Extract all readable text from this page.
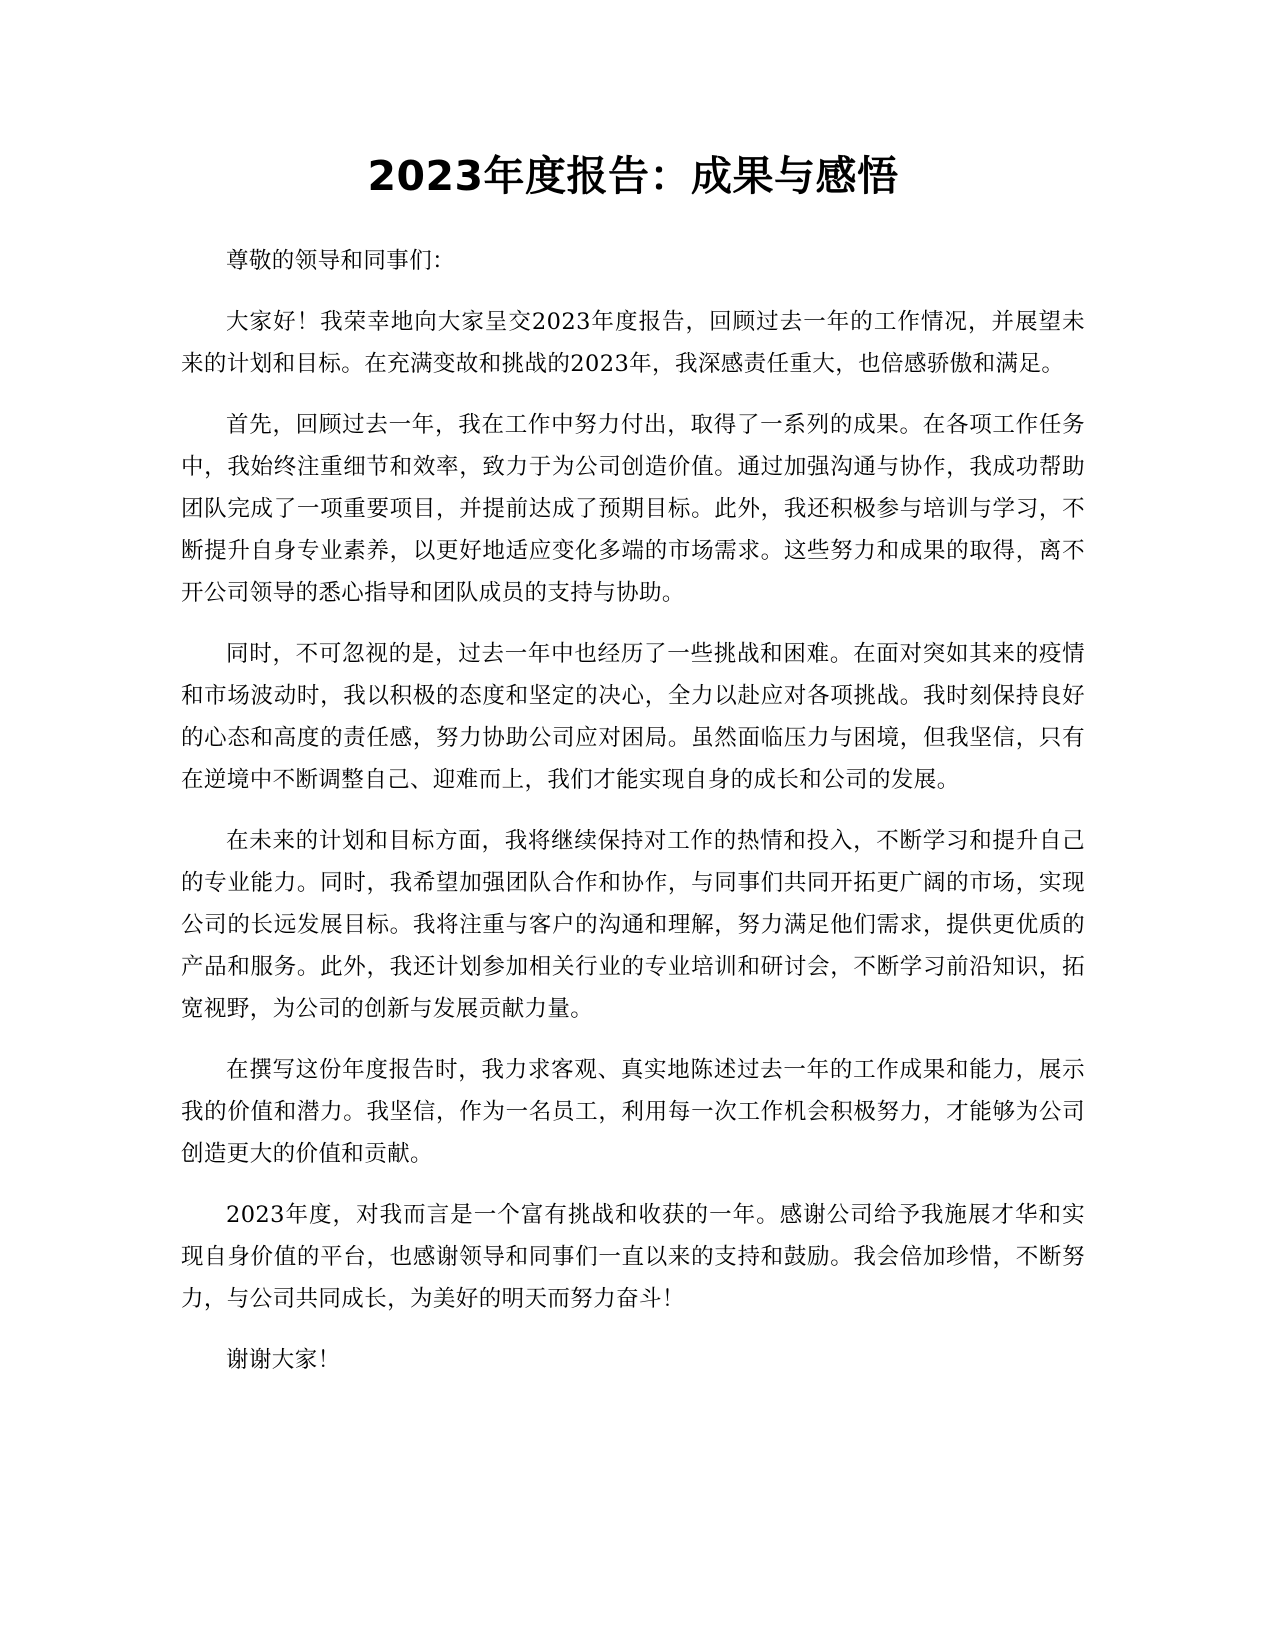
2023年度报告：成果与感悟

尊敬的领导和同事们：

大家好！我荣幸地向大家呈交2023年度报告，回顾过去一年的工作情况，并展望未来的计划和目标。在充满变故和挑战的2023年，我深感责任重大，也倍感骄傲和满足。

首先，回顾过去一年，我在工作中努力付出，取得了一系列的成果。在各项工作任务中，我始终注重细节和效率，致力于为公司创造价值。通过加强沟通与协作，我成功帮助团队完成了一项重要项目，并提前达成了预期目标。此外，我还积极参与培训与学习，不断提升自身专业素养，以更好地适应变化多端的市场需求。这些努力和成果的取得，离不开公司领导的悉心指导和团队成员的支持与协助。

同时，不可忽视的是，过去一年中也经历了一些挑战和困难。在面对突如其来的疫情和市场波动时，我以积极的态度和坚定的决心，全力以赴应对各项挑战。我时刻保持良好的心态和高度的责任感，努力协助公司应对困局。虽然面临压力与困境，但我坚信，只有在逆境中不断调整自己、迎难而上，我们才能实现自身的成长和公司的发展。

在未来的计划和目标方面，我将继续保持对工作的热情和投入，不断学习和提升自己的专业能力。同时，我希望加强团队合作和协作，与同事们共同开拓更广阔的市场，实现公司的长远发展目标。我将注重与客户的沟通和理解，努力满足他们需求，提供更优质的产品和服务。此外，我还计划参加相关行业的专业培训和研讨会，不断学习前沿知识，拓宽视野，为公司的创新与发展贡献力量。

在撰写这份年度报告时，我力求客观、真实地陈述过去一年的工作成果和能力，展示我的价值和潜力。我坚信，作为一名员工，利用每一次工作机会积极努力，才能够为公司创造更大的价值和贡献。

2023年度，对我而言是一个富有挑战和收获的一年。感谢公司给予我施展才华和实现自身价值的平台，也感谢领导和同事们一直以来的支持和鼓励。我会倍加珍惜，不断努力，与公司共同成长，为美好的明天而努力奋斗！

谢谢大家！
